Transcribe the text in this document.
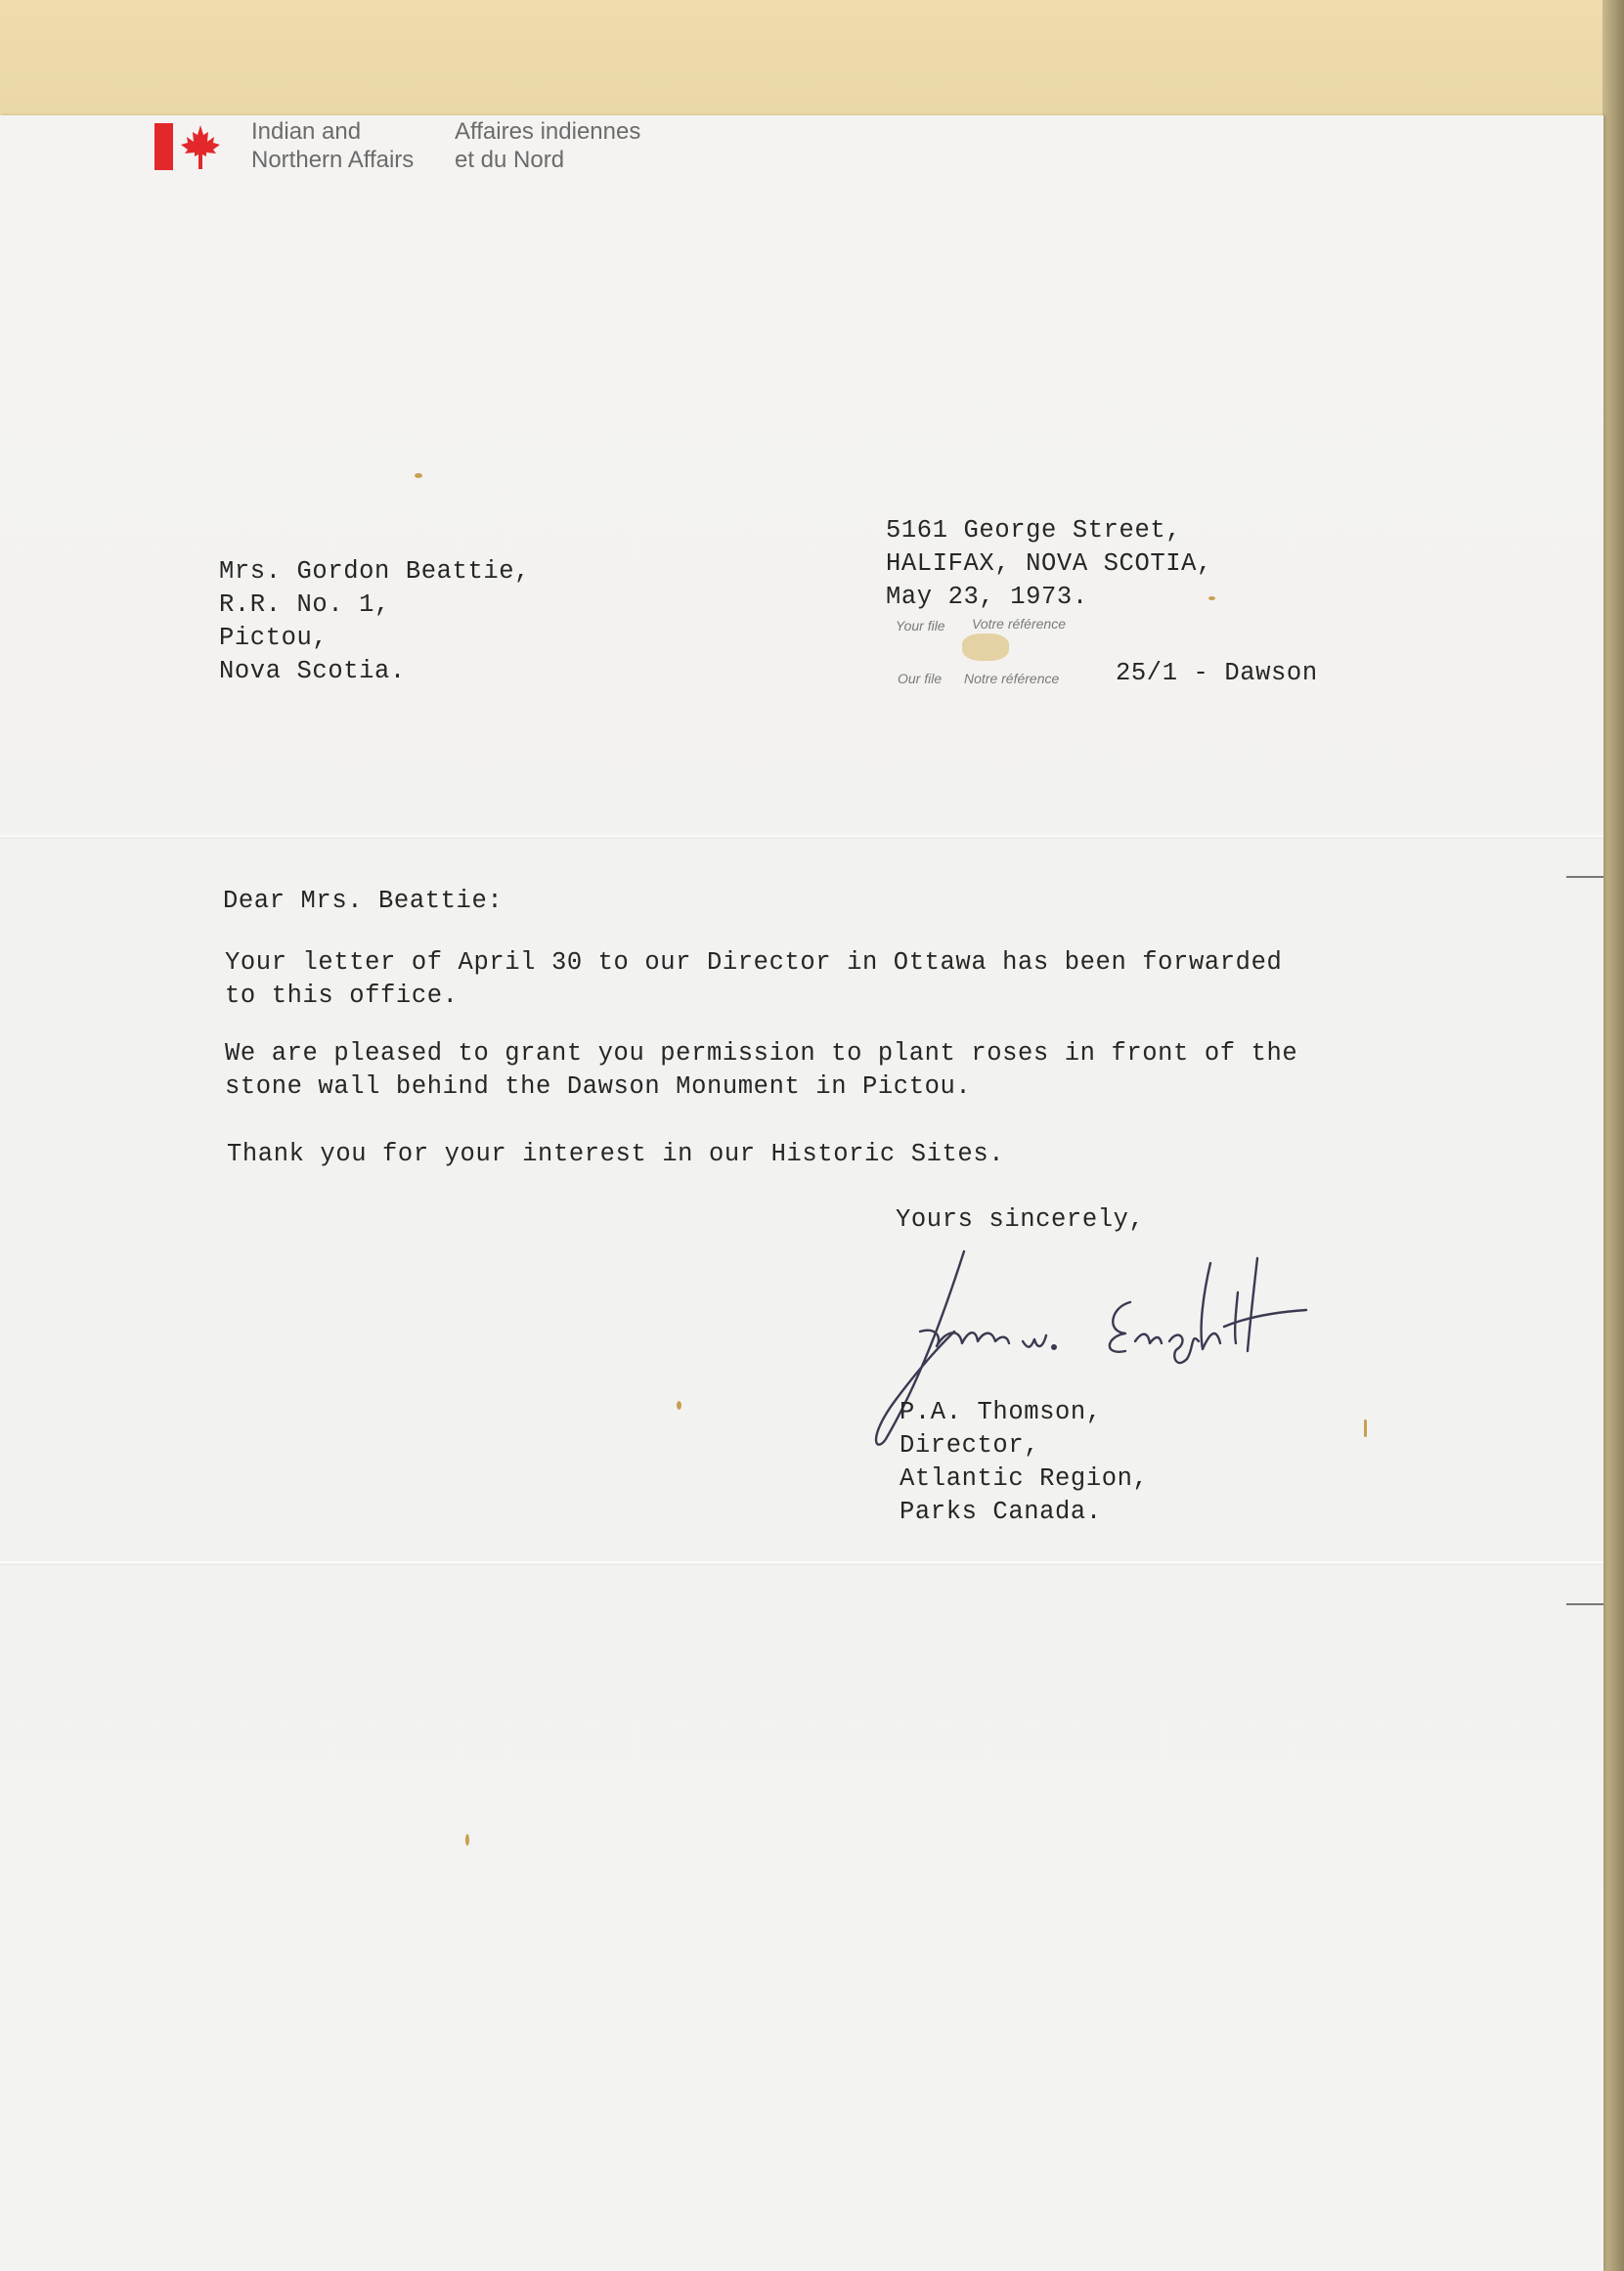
Indian and
Northern Affairs
Affaires indiennes
et du Nord
Mrs. Gordon Beattie,
R.R. No. 1,
Pictou,
Nova Scotia.
5161 George Street,
HALIFAX, NOVA SCOTIA,
May 23, 1973.
Your file Votre référence
Our file Notre référence 25/1 - Dawson
Dear Mrs. Beattie:
Your letter of April 30 to our Director in Ottawa has been forwarded
to this office.
We are pleased to grant you permission to plant roses in front of the
stone wall behind the Dawson Monument in Pictou.
Thank you for your interest in our Historic Sites.
Yours sincerely,
P.A. Thomson,
Director,
Atlantic Region,
Parks Canada.
